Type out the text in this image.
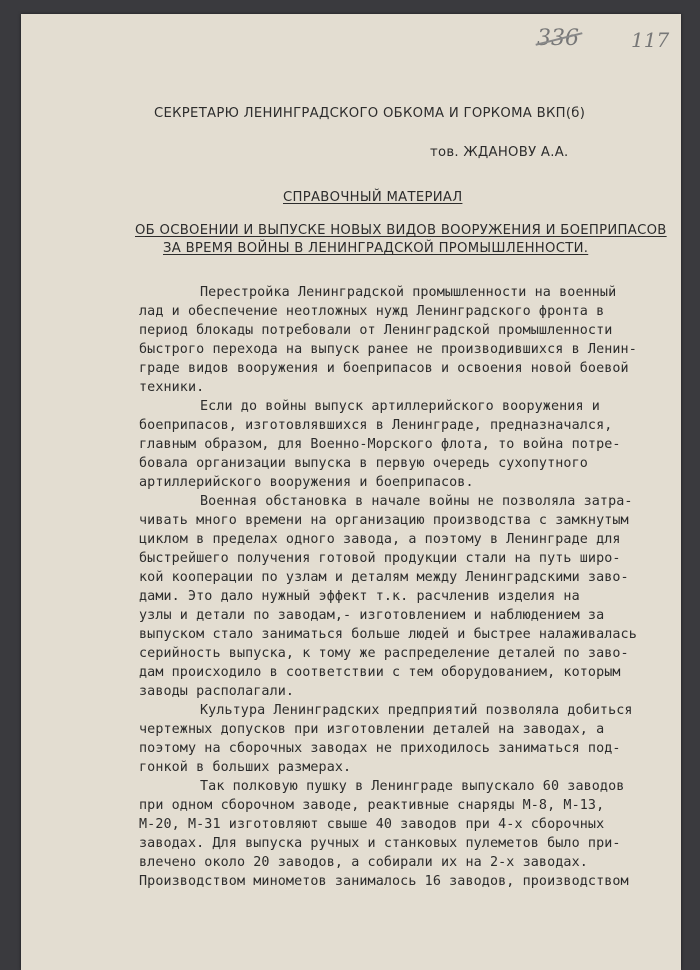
336	117
СЕКРЕТАРЮ ЛЕНИНГРАДСКОГО ОБКОМА И ГОРКОМА ВКП(б)
тов. ЖДАНОВУ А.А.
СПРАВОЧНЫЙ МАТЕРИАЛ
ОБ ОСВОЕНИИ И ВЫПУСКЕ НОВЫХ ВИДОВ ВООРУЖЕНИЯ И БОЕПРИПАСОВ
ЗА ВРЕМЯ ВОЙНЫ В ЛЕНИНГРАДСКОЙ ПРОМЫШЛЕННОСТИ.
Перестройка Ленинградской промышленности на военный
лад и обеспечение неотложных нужд Ленинградского фронта в
период блокады потребовали от Ленинградской промышленности
быстрого перехода на выпуск ранее не производившихся в Ленин-
граде видов вооружения и боеприпасов и освоения новой боевой
техники.
Если до войны выпуск артиллерийского вооружения и
боеприпасов, изготовлявшихся в Ленинграде, предназначался,
главным образом, для Военно-Морского флота, то война потре-
бовала организации выпуска в первую очередь сухопутного
артиллерийского вооружения и боеприпасов.
Военная обстановка в начале войны не позволяла затра-
чивать много времени на организацию производства с замкнутым
циклом в пределах одного завода, а поэтому в Ленинграде для
быстрейшего получения готовой продукции стали на путь широ-
кой кооперации по узлам и деталям между Ленинградскими заво-
дами. Это дало нужный эффект т.к. расчленив изделия на
узлы и детали по заводам,- изготовлением и наблюдением за
выпуском стало заниматься больше людей и быстрее налаживалась
серийность выпуска, к тому же распределение деталей по заво-
дам происходило в соответствии с тем оборудованием, которым
заводы располагали.
Культура Ленинградских предприятий позволяла добиться
чертежных допусков при изготовлении деталей на заводах, а
поэтому на сборочных заводах не приходилось заниматься под-
гонкой в больших размерах.
Так полковую пушку в Ленинграде выпускало 60 заводов
при одном сборочном заводе, реактивные снаряды М-8, М-13,
М-20, М-31 изготовляют свыше 40 заводов при 4-х сборочных
заводах. Для выпуска ручных и станковых пулеметов было при-
влечено около 20 заводов, а собирали их на 2-х заводах.
Производством минометов занималось 16 заводов, производством
